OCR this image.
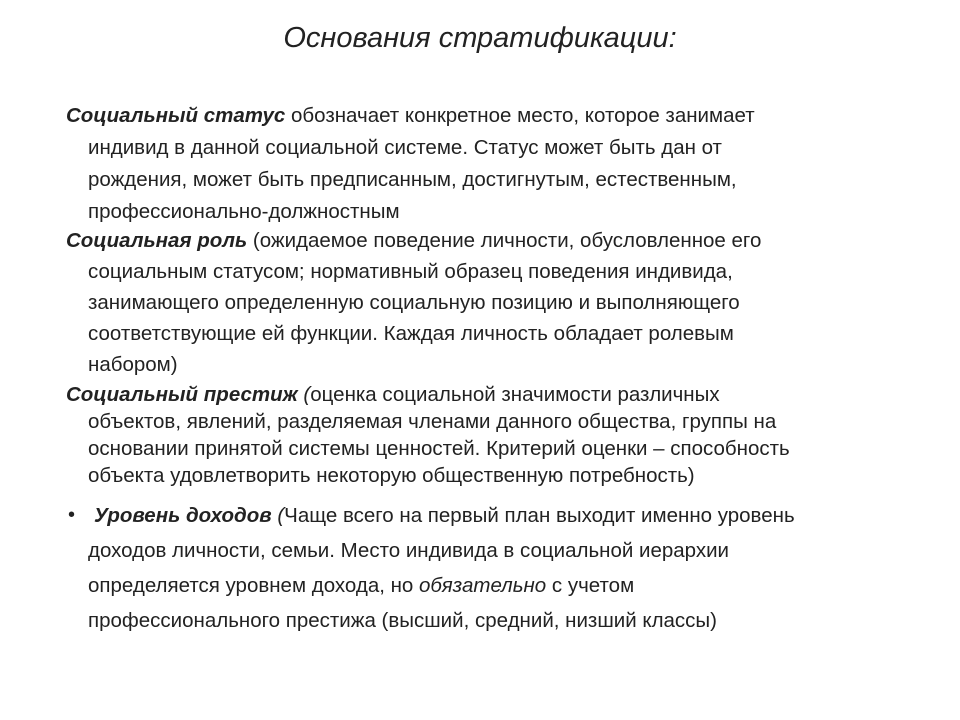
Основания стратификации:
Социальный статус обозначает конкретное место, которое занимает
индивид в данной социальной системе. Статус может быть дан от
рождения, может быть предписанным, достигнутым, естественным,
профессионально-должностным
Социальная роль (ожидаемое поведение личности, обусловленное его
социальным статусом; нормативный образец поведения индивида,
занимающего определенную социальную позицию и выполняющего
соответствующие ей функции. Каждая личность обладает ролевым
набором)
Социальный престиж (оценка социальной значимости различных
объектов, явлений, разделяемая членами данного общества, группы на
основании принятой системы ценностей. Критерий оценки – способность
объекта удовлетворить некоторую общественную потребность)
• Уровень доходов (Чаще всего на первый план выходит именно уровень
доходов личности, семьи. Место индивида в социальной иерархии
определяется уровнем дохода, но обязательно с учетом
профессионального престижа (высший, средний, низший классы)
